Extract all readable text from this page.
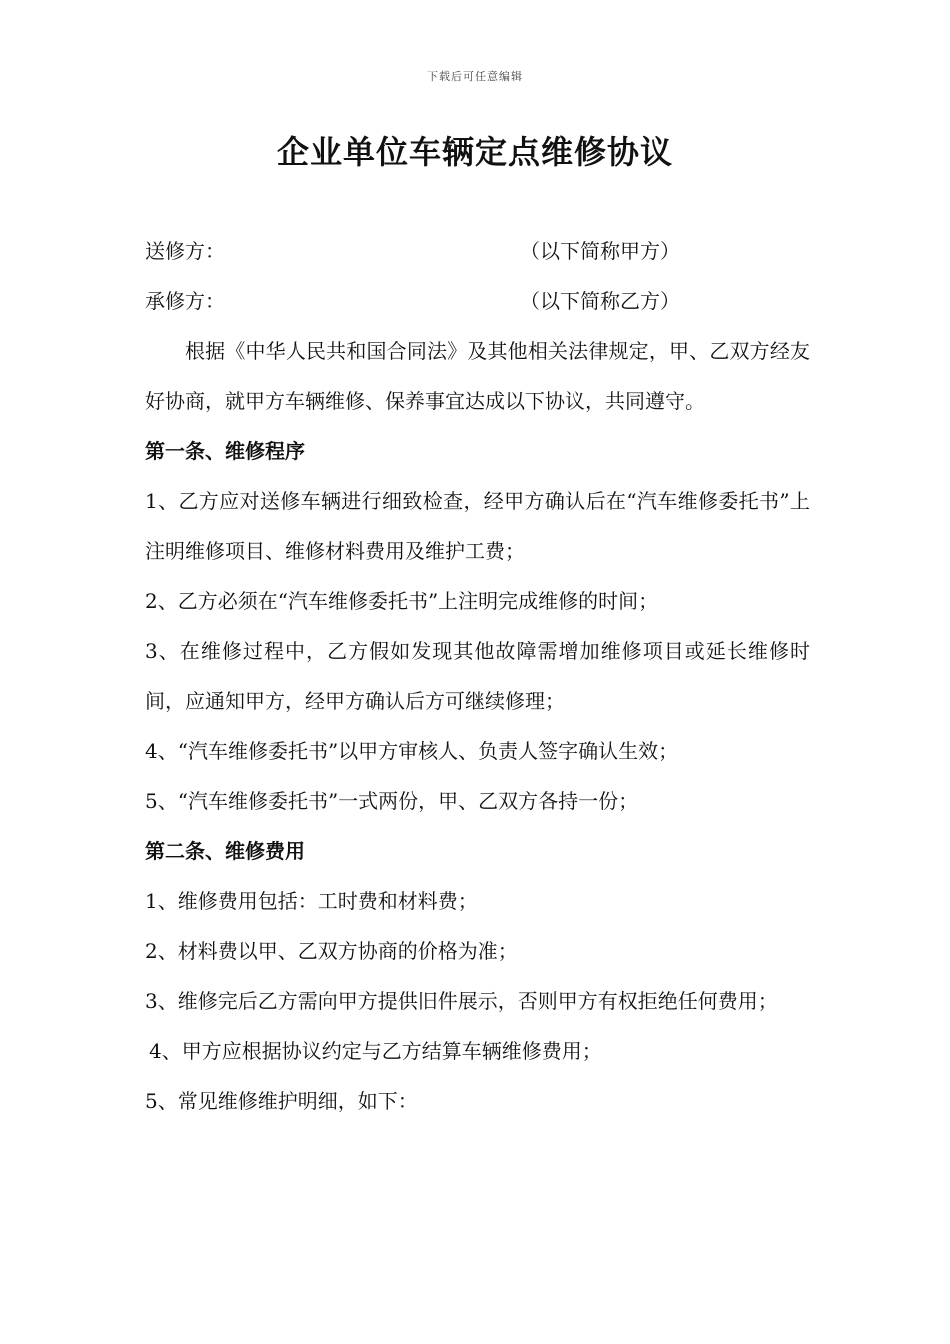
下载后可任意编辑
企业单位车辆定点维修协议
送修方：	（以下简称甲方）
承修方：	（以下简称乙方）

根据《中华人民共和国合同法》及其他相关法律规定，甲、乙双方经友好协商，就甲方车辆维修、保养事宜达成以下协议，共同遵守。

第一条、维修程序

1、乙方应对送修车辆进行细致检查，经甲方确认后在“汽车维修委托书”上注明维修项目、维修材料费用及维护工费；

2、乙方必须在“汽车维修委托书”上注明完成维修的时间；

3、在维修过程中，乙方假如发现其他故障需增加维修项目或延长维修时间，应通知甲方，经甲方确认后方可继续修理；

4、“汽车维修委托书”以甲方审核人、负责人签字确认生效；

5、“汽车维修委托书”一式两份，甲、乙双方各持一份；

第二条、维修费用

1、维修费用包括：工时费和材料费；

2、材料费以甲、乙双方协商的价格为准；

3、维修完后乙方需向甲方提供旧件展示，否则甲方有权拒绝任何费用；

4、甲方应根据协议约定与乙方结算车辆维修费用；

5、常见维修维护明细，如下：
